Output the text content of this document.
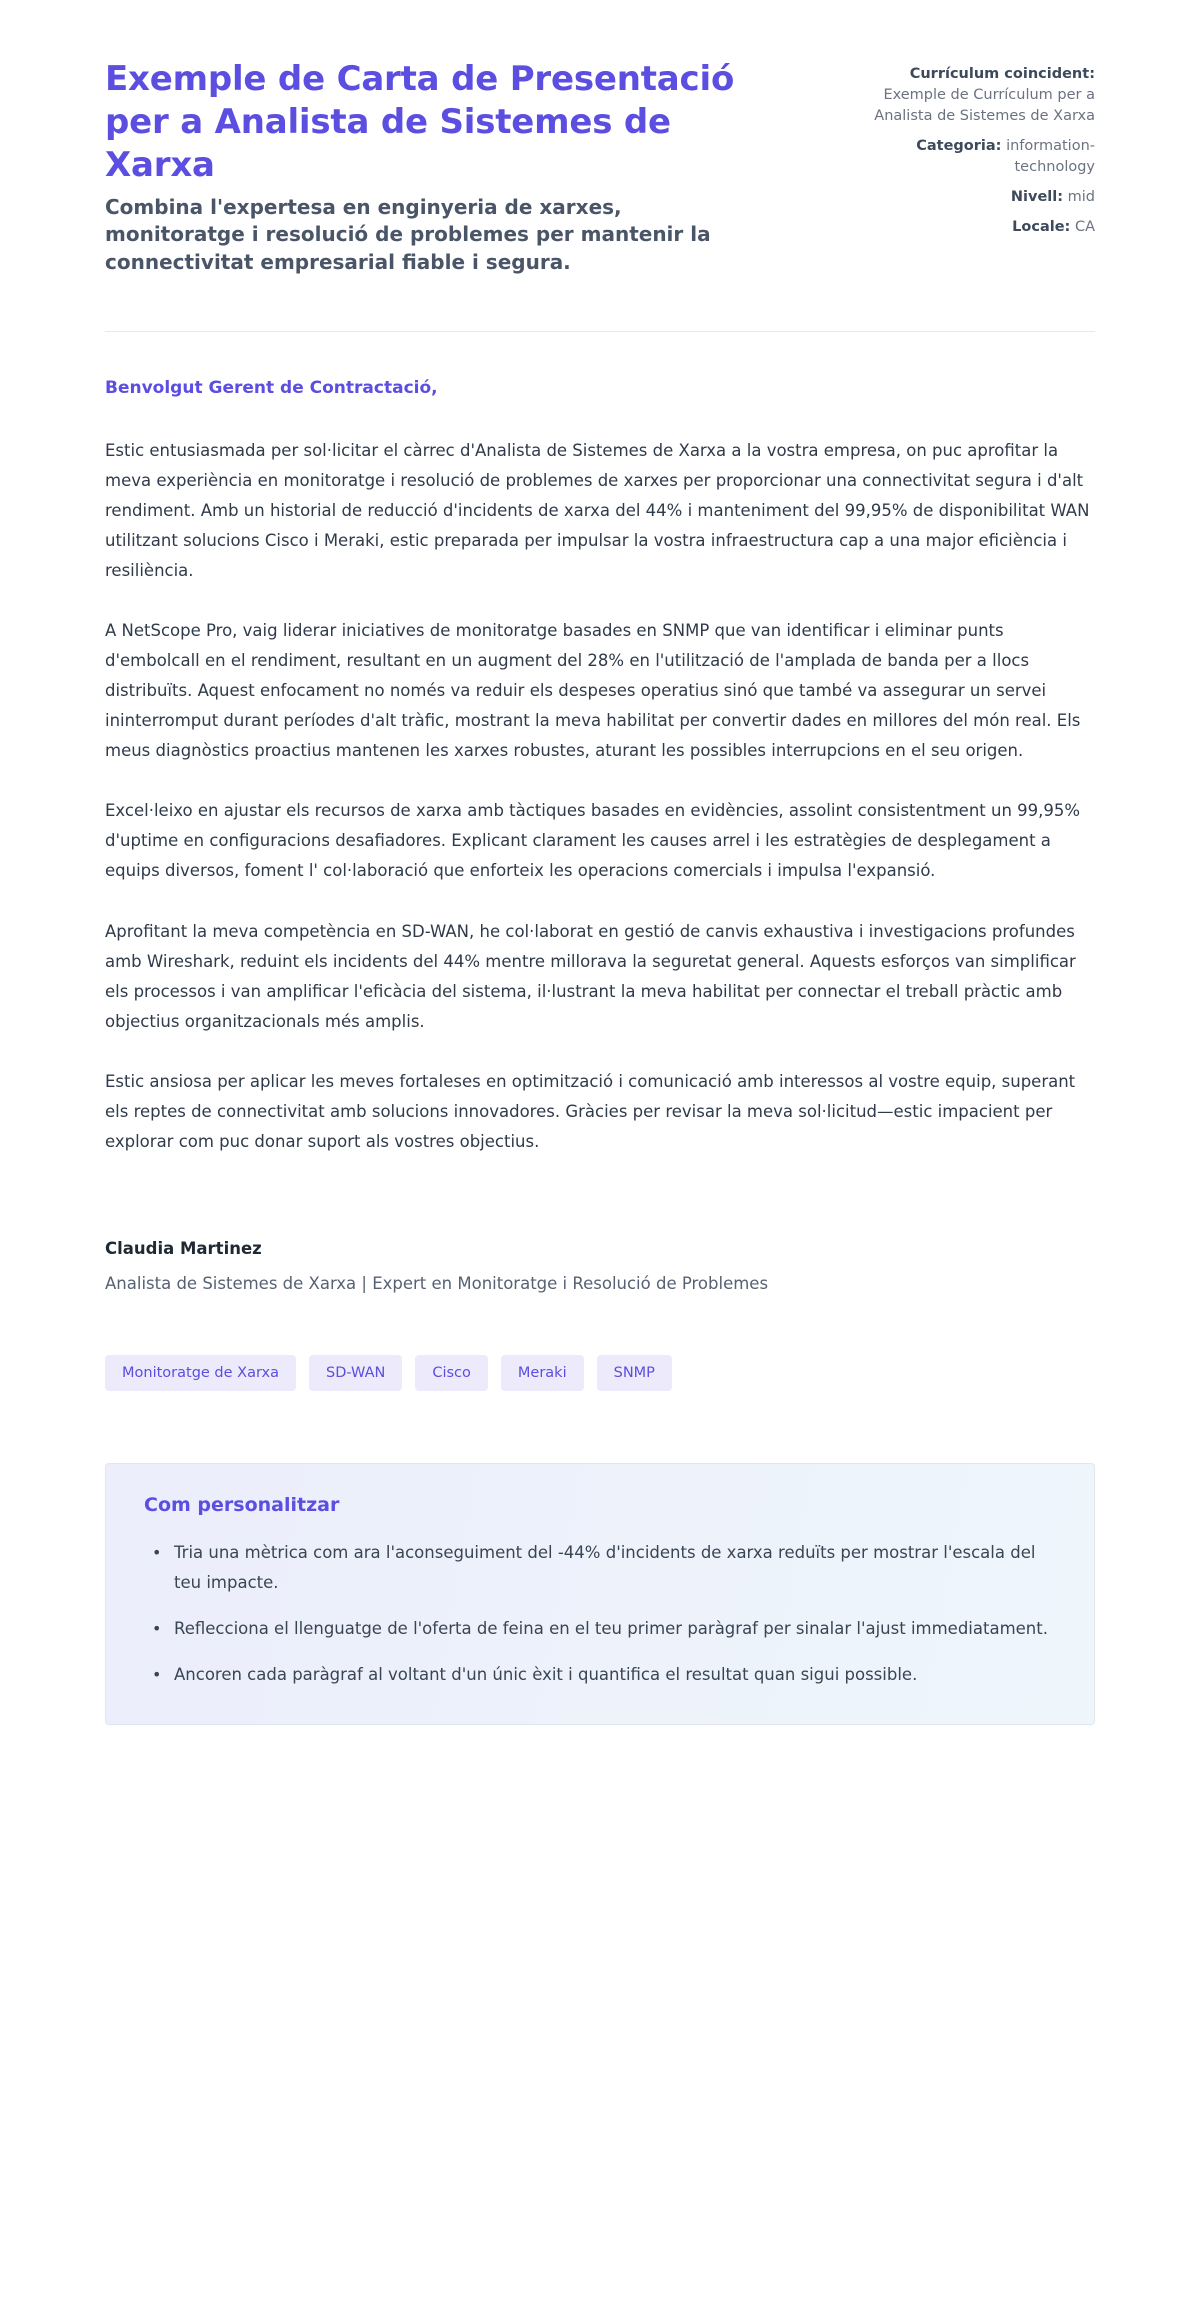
Exemple de Carta de Presentació per a Analista de Sistemes de Xarxa

Combina l'expertesa en enginyeria de xarxes, monitoratge i resolució de problemes per mantenir la connectivitat empresarial fiable i segura.

Currículum coincident: Exemple de Currículum per a Analista de Sistemes de Xarxa
Categoria: information-technology
Nivell: mid
Locale: CA

Benvolgut Gerent de Contractació,

Estic entusiasmada per sol·licitar el càrrec d'Analista de Sistemes de Xarxa a la vostra empresa, on puc aprofitar la meva experiència en monitoratge i resolució de problemes de xarxes per proporcionar una connectivitat segura i d'alt rendiment. Amb un historial de reducció d'incidents de xarxa del 44% i manteniment del 99,95% de disponibilitat WAN utilitzant solucions Cisco i Meraki, estic preparada per impulsar la vostra infraestructura cap a una major eficiència i resiliència.

A NetScope Pro, vaig liderar iniciatives de monitoratge basades en SNMP que van identificar i eliminar punts d'embolcall en el rendiment, resultant en un augment del 28% en l'utilització de l'amplada de banda per a llocs distribuïts. Aquest enfocament no només va reduir els despeses operatius sinó que també va assegurar un servei ininterromput durant períodes d'alt tràfic, mostrant la meva habilitat per convertir dades en millores del món real. Els meus diagnòstics proactius mantenen les xarxes robustes, aturant les possibles interrupcions en el seu origen.

Excel·leixo en ajustar els recursos de xarxa amb tàctiques basades en evidències, assolint consistentment un 99,95% d'uptime en configuracions desafiadores. Explicant clarament les causes arrel i les estratègies de desplegament a equips diversos, foment l' col·laboració que enforteix les operacions comercials i impulsa l'expansió.

Aprofitant la meva competència en SD-WAN, he col·laborat en gestió de canvis exhaustiva i investigacions profundes amb Wireshark, reduint els incidents del 44% mentre millorava la seguretat general. Aquests esforços van simplificar els processos i van amplificar l'eficàcia del sistema, il·lustrant la meva habilitat per connectar el treball pràctic amb objectius organitzacionals més amplis.

Estic ansiosa per aplicar les meves fortaleses en optimització i comunicació amb interessos al vostre equip, superant els reptes de connectivitat amb solucions innovadores. Gràcies per revisar la meva sol·licitud—estic impacient per explorar com puc donar suport als vostres objectius.

Claudia Martinez

Analista de Sistemes de Xarxa | Expert en Monitoratge i Resolució de Problemes

Monitoratge de Xarxa	SD-WAN	Cisco	Meraki	SNMP
Com personalitzar
• Tria una mètrica com ara l'aconseguiment del -44% d'incidents de xarxa reduïts per mostrar l'escala del teu impacte.
• Reflecciona el llenguatge de l'oferta de feina en el teu primer paràgraf per sinalar l'ajust immediatament.
• Ancoren cada paràgraf al voltant d'un únic èxit i quantifica el resultat quan sigui possible.
